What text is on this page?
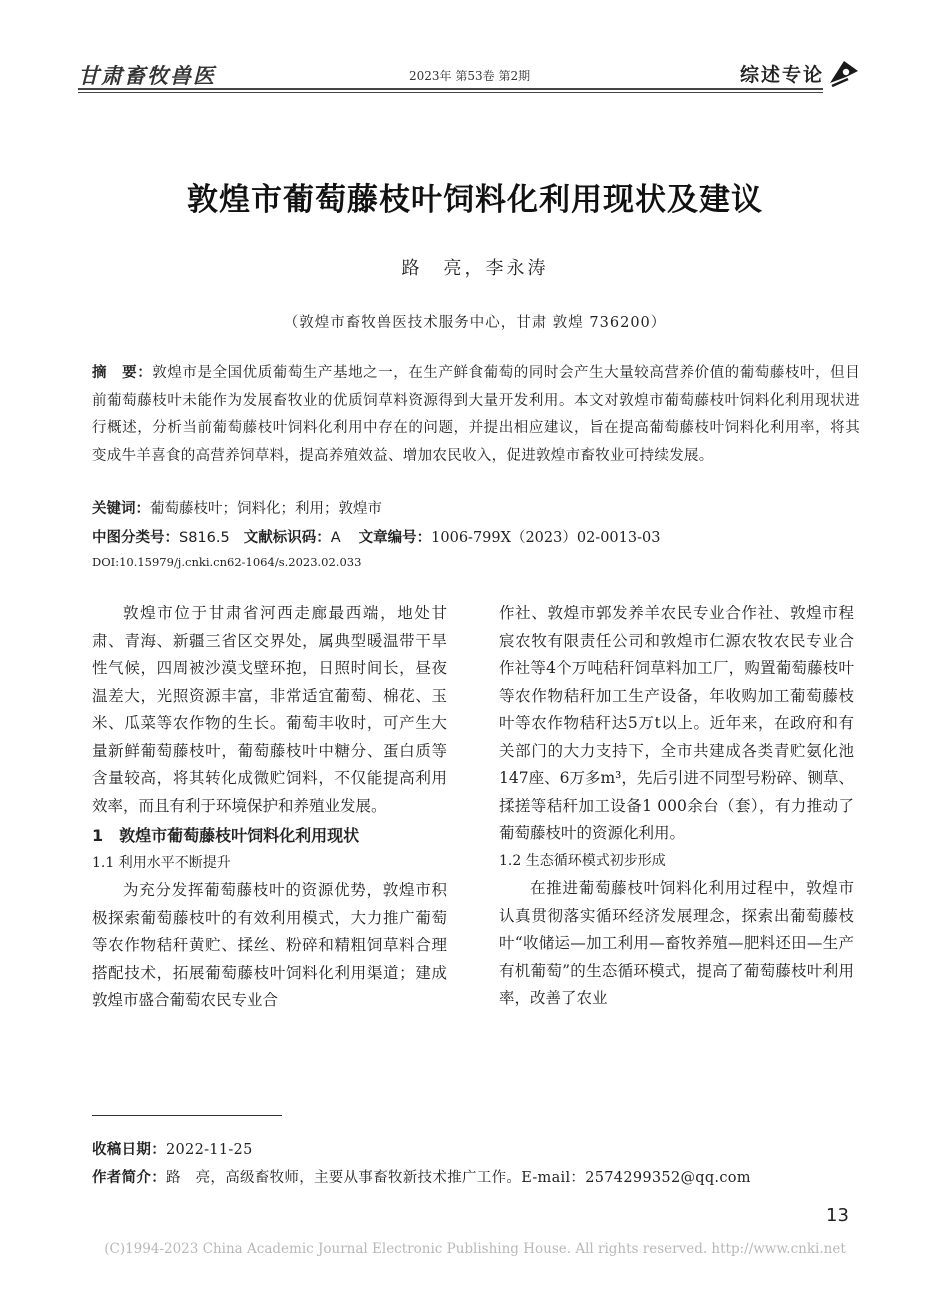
甘肃畜牧兽医	2023年 第53卷 第2期	综述专论
敦煌市葡萄藤枝叶饲料化利用现状及建议
路　亮，李永涛
（敦煌市畜牧兽医技术服务中心，甘肃 敦煌 736200）
摘　要：敦煌市是全国优质葡萄生产基地之一，在生产鲜食葡萄的同时会产生大量较高营养价值的葡萄藤枝叶，但目前葡萄藤枝叶未能作为发展畜牧业的优质饲草料资源得到大量开发利用。本文对敦煌市葡萄藤枝叶饲料化利用现状进行概述，分析当前葡萄藤枝叶饲料化利用中存在的问题，并提出相应建议，旨在提高葡萄藤枝叶饲料化利用率，将其变成牛羊喜食的高营养饲草料，提高养殖效益、增加农民收入，促进敦煌市畜牧业可持续发展。
关键词：葡萄藤枝叶；饲料化；利用；敦煌市
中图分类号：S816.5 文献标识码：A 文章编号：1006-799X（2023）02-0013-03
DOI:10.15979/j.cnki.cn62-1064/s.2023.02.033

敦煌市位于甘肃省河西走廊最西端，地处甘肃、青海、新疆三省区交界处，属典型暖温带干旱性气候，四周被沙漠戈壁环抱，日照时间长，昼夜温差大，光照资源丰富，非常适宜葡萄、棉花、玉米、瓜菜等农作物的生长。葡萄丰收时，可产生大量新鲜葡萄藤枝叶，葡萄藤枝叶中糖分、蛋白质等含量较高，将其转化成微贮饲料，不仅能提高利用效率，而且有利于环境保护和养殖业发展。

1　敦煌市葡萄藤枝叶饲料化利用现状

1.1 利用水平不断提升

为充分发挥葡萄藤枝叶的资源优势，敦煌市积极探索葡萄藤枝叶的有效利用模式，大力推广葡萄等农作物秸秆黄贮、揉丝、粉碎和精粗饲草料合理搭配技术，拓展葡萄藤枝叶饲料化利用渠道；建成敦煌市盛合葡萄农民专业合

作社、敦煌市郭发养羊农民专业合作社、敦煌市程宸农牧有限责任公司和敦煌市仁源农牧农民专业合作社等4个万吨秸秆饲草料加工厂，购置葡萄藤枝叶等农作物秸秆加工生产设备，年收购加工葡萄藤枝叶等农作物秸秆达5万t以上。近年来，在政府和有关部门的大力支持下，全市共建成各类青贮氨化池147座、6万多m³，先后引进不同型号粉碎、铡草、揉搓等秸秆加工设备1 000余台（套），有力推动了葡萄藤枝叶的资源化利用。

1.2 生态循环模式初步形成

在推进葡萄藤枝叶饲料化利用过程中，敦煌市认真贯彻落实循环经济发展理念，探索出葡萄藤枝叶“收储运—加工利用—畜牧养殖—肥料还田—生产有机葡萄”的生态循环模式，提高了葡萄藤枝叶利用率，改善了农业

收稿日期：2022-11-25
作者简介：路　亮，高级畜牧师，主要从事畜牧新技术推广工作。E-mail：2574299352@qq.com
13
(C)1994-2023 China Academic Journal Electronic Publishing House. All rights reserved. http://www.cnki.net
